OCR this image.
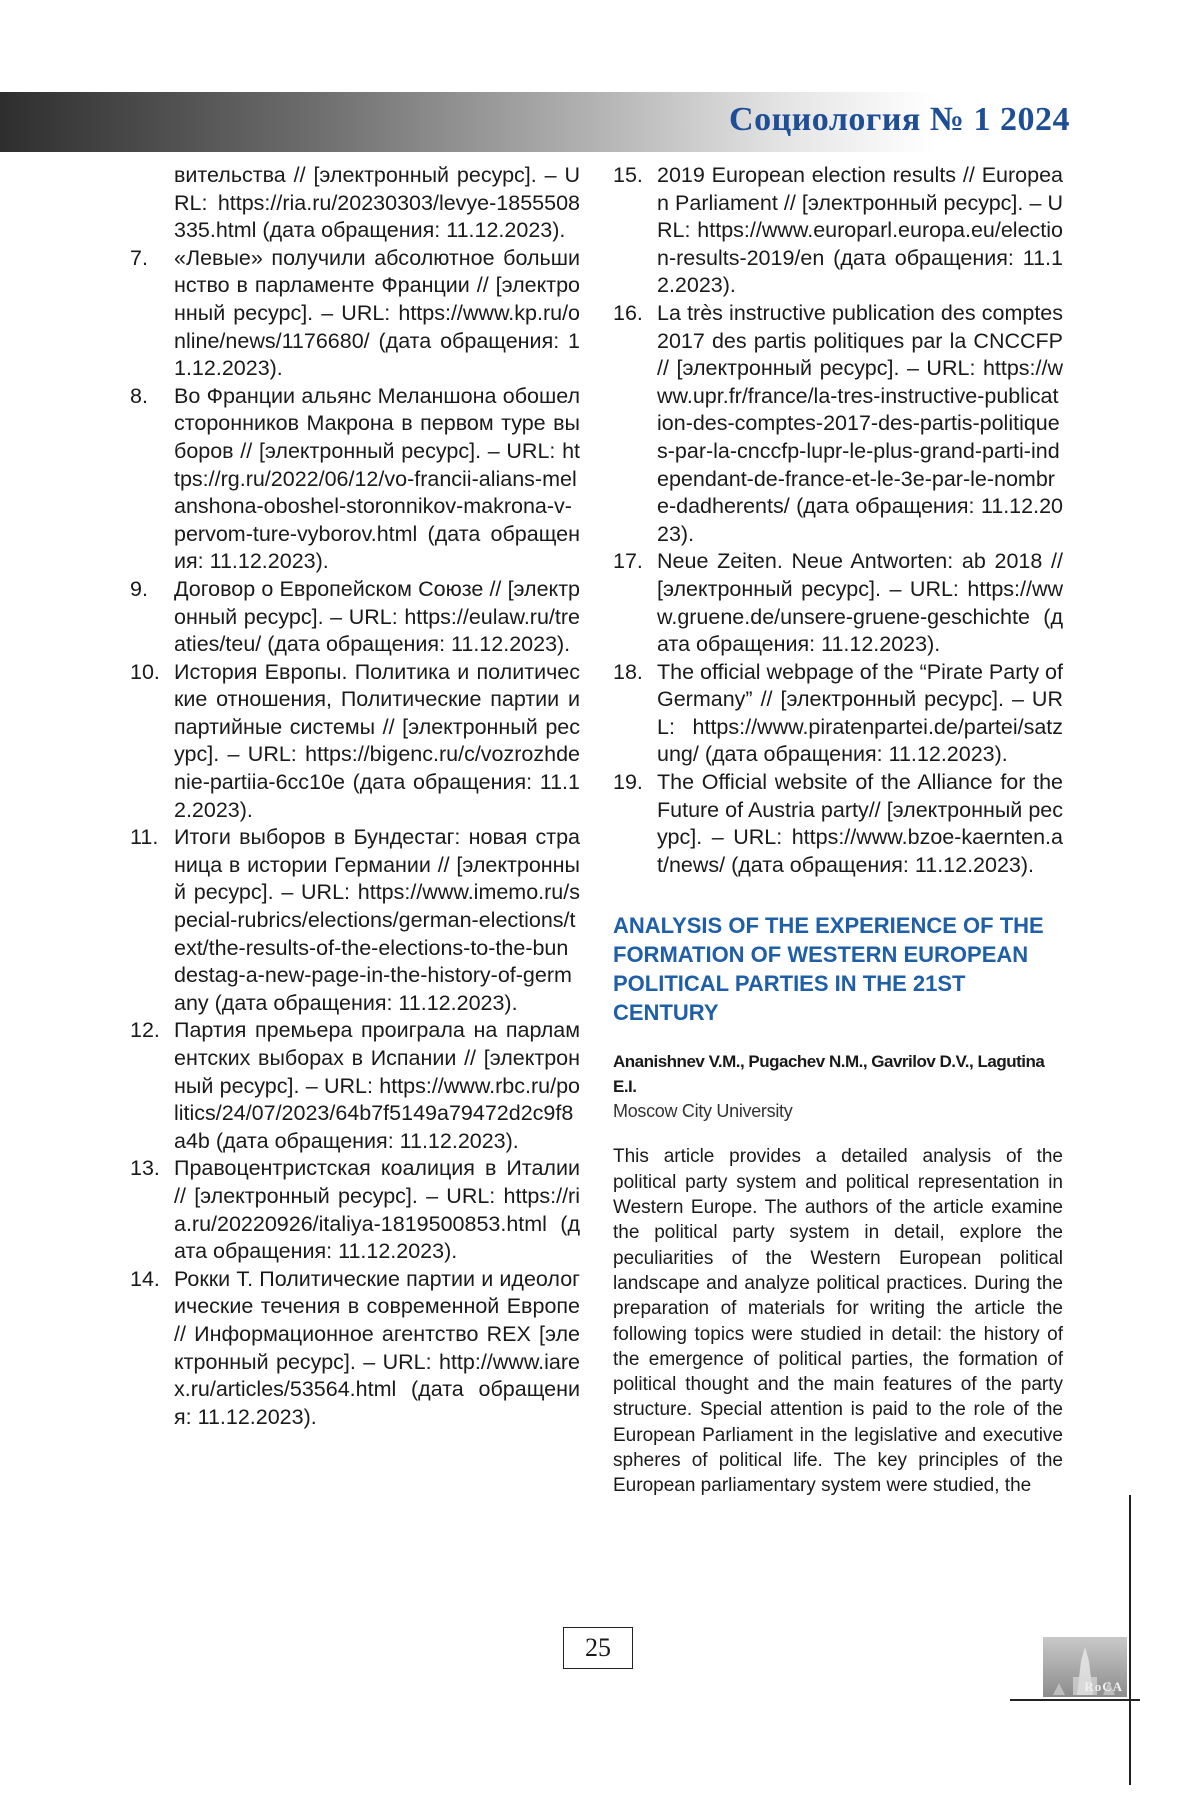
Социология № 1 2024
вительства // [электронный ресурс]. – URL: https://ria.ru/20230303/levye-1855508335.html (дата обращения: 11.12.2023).
7.	«Левые» получили абсолютное большинство в парламенте Франции // [электронный ресурс]. – URL: https://www.kp.ru/online/news/1176680/ (дата обращения: 11.12.2023).
8.	Во Франции альянс Меланшона обошел сторонников Макрона в первом туре выборов // [электронный ресурс]. – URL: https://rg.ru/2022/06/12/vo-francii-alians-melanshona-oboshel-storonnikov-makrona-v-pervom-ture-vyborov.html (дата обращения: 11.12.2023).
9.	Договор о Европейском Союзе // [электронный ресурс]. – URL: https://eulaw.ru/treaties/teu/ (дата обращения: 11.12.2023).
10. История Европы. Политика и политические отношения, Политические партии и партийные системы // [электронный ресурс]. – URL: https://bigenc.ru/c/vozrozhdenie-partiia-6cc10e (дата обращения: 11.12.2023).
11. Итоги выборов в Бундестаг: новая страница в истории Германии // [электронный ресурс]. – URL: https://www.imemo.ru/special-rubrics/elections/german-elections/text/the-results-of-the-elections-to-the-bundestag-a-new-page-in-the-history-of-germany (дата обращения: 11.12.2023).
12. Партия премьера проиграла на парламентских выборах в Испании // [электронный ресурс]. – URL: https://www.rbc.ru/politics/24/07/2023/64b7f5149a79472d2c9f8a4b (дата обращения: 11.12.2023).
13. Правоцентристская коалиция в Италии // [электронный ресурс]. – URL: https://ria.ru/20220926/italiya-1819500853.html (дата обращения: 11.12.2023).
14. Рокки Т. Политические партии и идеологические течения в современной Европе // Информационное агентство REX [электронный ресурс]. – URL: http://www.iarex.ru/articles/53564.html (дата обращения: 11.12.2023).
15. 2019 European election results // European Parliament // [электронный ресурс]. – URL: https://www.europarl.europa.eu/election-results-2019/en (дата обращения: 11.12.2023).
16. La très instructive publication des comptes 2017 des partis politiques par la CNCCFP // [электронный ресурс]. – URL: https://www.upr.fr/france/la-tres-instructive-publication-des-comptes-2017-des-partis-politiques-par-la-cnccfp-lupr-le-plus-grand-parti-independant-de-france-et-le-3e-par-le-nombre-dadherents/ (дата обращения: 11.12.2023).
17. Neue Zeiten. Neue Antworten: ab 2018 // [электронный ресурс]. – URL: https://www.gruene.de/unsere-gruene-geschichte (дата обращения: 11.12.2023).
18. The official webpage of the “Pirate Party of Germany” // [электронный ресурс]. – URL: https://www.piratenpartei.de/partei/satzung/ (дата обращения: 11.12.2023).
19. The Official website of the Alliance for the Future of Austria party// [электронный ресурс]. – URL: https://www.bzoe-kaernten.at/news/ (дата обращения: 11.12.2023).
ANALYSIS OF THE EXPERIENCE OF THE FORMATION OF WESTERN EUROPEAN POLITICAL PARTIES IN THE 21ST CENTURY
Ananishnev V.M., Pugachev N.M., Gavrilov D.V., Lagutina E.I.
Moscow City University
This article provides a detailed analysis of the political party system and political representation in Western Europe. The authors of the article examine the political party system in detail, explore the peculiarities of the Western European political landscape and analyze political practices. During the preparation of materials for writing the article the following topics were studied in detail: the history of the emergence of political parties, the formation of political thought and the main features of the party structure. Special attention is paid to the role of the European Parliament in the legislative and executive spheres of political life. The key principles of the European parliamentary system were studied, the
25
RoCA
